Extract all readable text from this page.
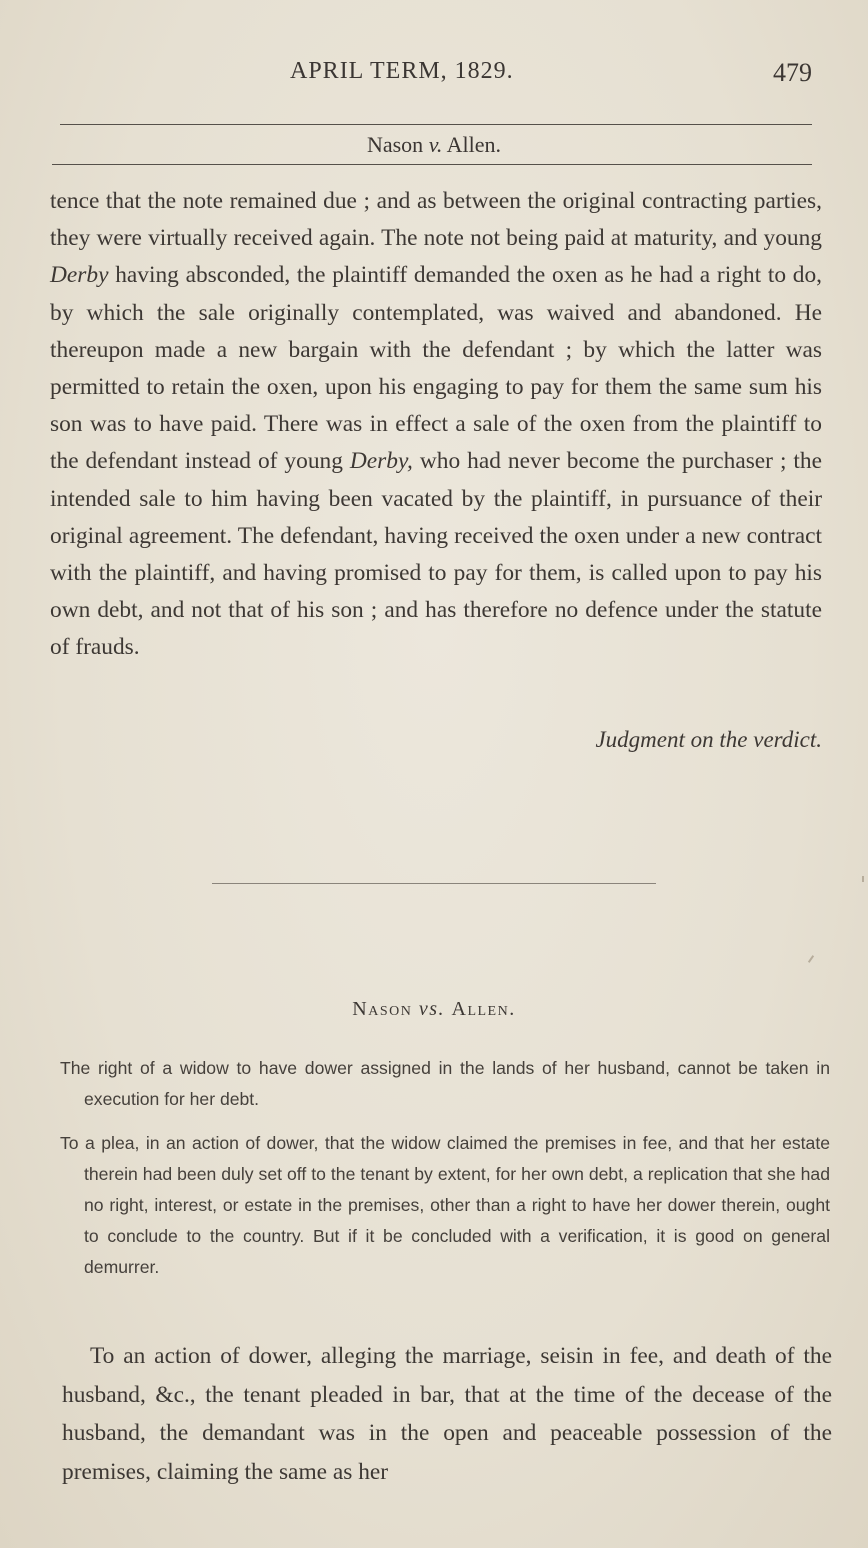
APRIL TERM, 1829.	479
Nason v. Allen.

tence that the note remained due ; and as between the original contracting parties, they were virtually received again. The note not being paid at maturity, and young Derby having absconded, the plaintiff demanded the oxen as he had a right to do, by which the sale originally contemplated, was waived and abandoned. He thereupon made a new bargain with the defendant ; by which the latter was permitted to retain the oxen, upon his engaging to pay for them the same sum his son was to have paid. There was in effect a sale of the oxen from the plaintiff to the defendant instead of young Derby, who had never become the purchaser ; the intended sale to him having been vacated by the plaintiff, in pursuance of their original agreement. The defendant, having received the oxen under a new contract with the plaintiff, and having promised to pay for them, is called upon to pay his own debt, and not that of his son ; and has therefore no defence under the statute of frauds.

Judgment on the verdict.
Nason vs. Allen.
The right of a widow to have dower assigned in the lands of her husband, cannot be taken in execution for her debt.
To a plea, in an action of dower, that the widow claimed the premises in fee, and that her estate therein had been duly set off to the tenant by extent, for her own debt, a replication that she had no right, interest, or estate in the premises, other than a right to have her dower therein, ought to conclude to the country. But if it be concluded with a verification, it is good on general demurrer.
To an action of dower, alleging the marriage, seisin in fee, and death of the husband, &c., the tenant pleaded in bar, that at the time of the decease of the husband, the demandant was in the open and peaceable possession of the premises, claiming the same as her
